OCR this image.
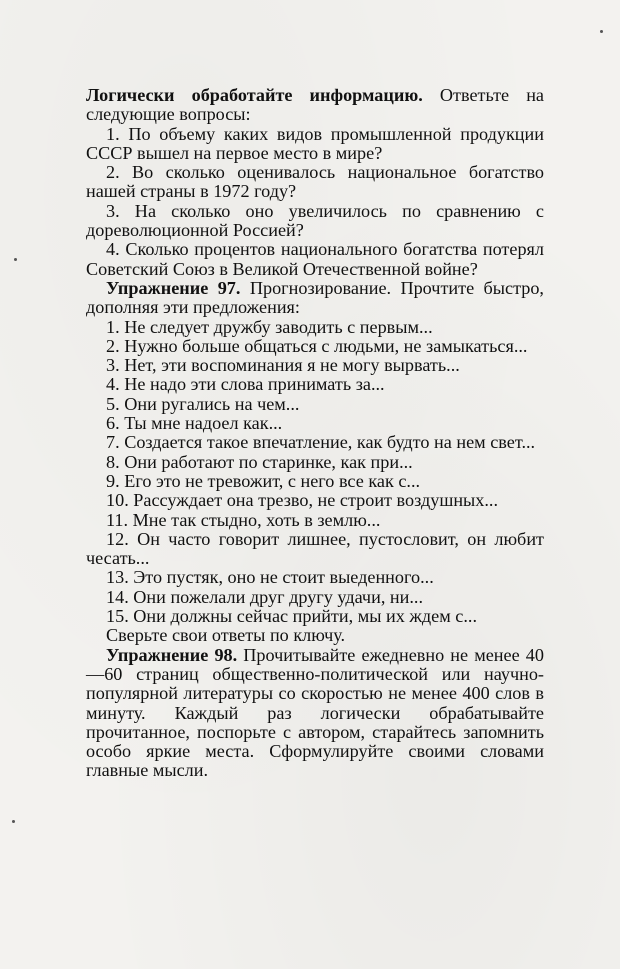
Логически обработайте информацию. Ответьте на следующие вопросы:

1. По объему каких видов промышленной продукции СССР вышел на первое место в мире?

2. Во сколько оценивалось национальное богатство нашей страны в 1972 году?

3. На сколько оно увеличилось по сравнению с дореволюционной Россией?

4. Сколько процентов национального богатства потерял Советский Союз в Великой Отечественной войне?

Упражнение 97. Прогнозирование. Прочтите быстро, дополняя эти предложения:

1. Не следует дружбу заводить с первым...

2. Нужно больше общаться с людьми, не замыкаться...

3. Нет, эти воспоминания я не могу вырвать...

4. Не надо эти слова принимать за...

5. Они ругались на чем...

6. Ты мне надоел как...

7. Создается такое впечатление, как будто на нем свет...

8. Они работают по старинке, как при...

9. Его это не тревожит, с него все как с...

10. Рассуждает она трезво, не строит воздушных...

11. Мне так стыдно, хоть в землю...

12. Он часто говорит лишнее, пустословит, он любит чесать...

13. Это пустяк, оно не стоит выеденного...

14. Они пожелали друг другу удачи, ни...

15. Они должны сейчас прийти, мы их ждем с...

Сверьте свои ответы по ключу.

Упражнение 98. Прочитывайте ежедневно не менее 40—60 страниц общественно-политической или научно-популярной литературы со скоростью не менее 400 слов в минуту. Каждый раз логически обрабатывайте прочитанное, поспорьте с автором, старайтесь запомнить особо яркие места. Сформулируйте своими словами главные мысли.
